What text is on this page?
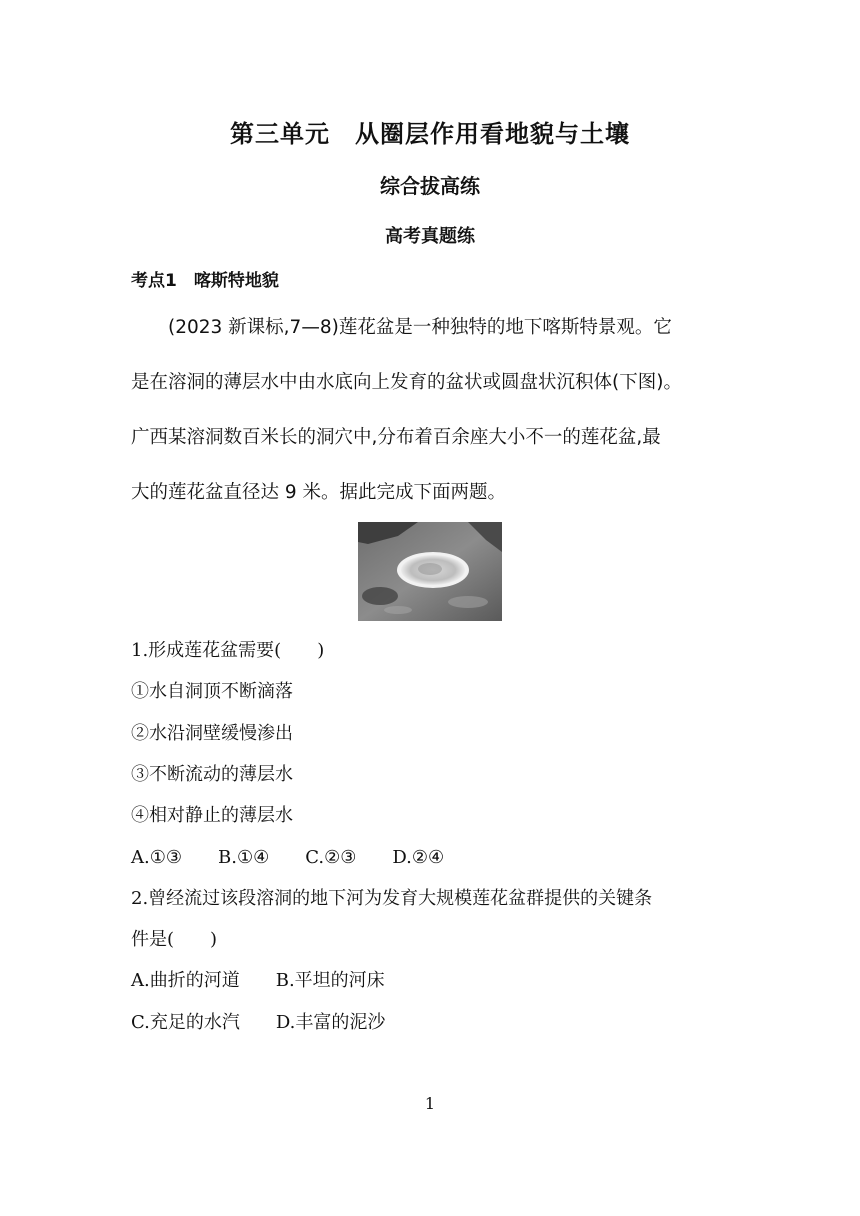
第三单元　从圈层作用看地貌与土壤
综合拔高练
高考真题练
考点1　喀斯特地貌
　　(2023 新课标,7—8)莲花盆是一种独特的地下喀斯特景观。它
是在溶洞的薄层水中由水底向上发育的盆状或圆盘状沉积体(下图)。
广西某溶洞数百米长的洞穴中,分布着百余座大小不一的莲花盆,最
大的莲花盆直径达 9 米。据此完成下面两题。
1.形成莲花盆需要(　　)
①水自洞顶不断滴落
②水沿洞壁缓慢渗出
③不断流动的薄层水
④相对静止的薄层水
A.①③　　B.①④　　C.②③　　D.②④
2.曾经流过该段溶洞的地下河为发育大规模莲花盆群提供的关键条
件是(　　)
A.曲折的河道　　B.平坦的河床
C.充足的水汽　　D.丰富的泥沙
1
